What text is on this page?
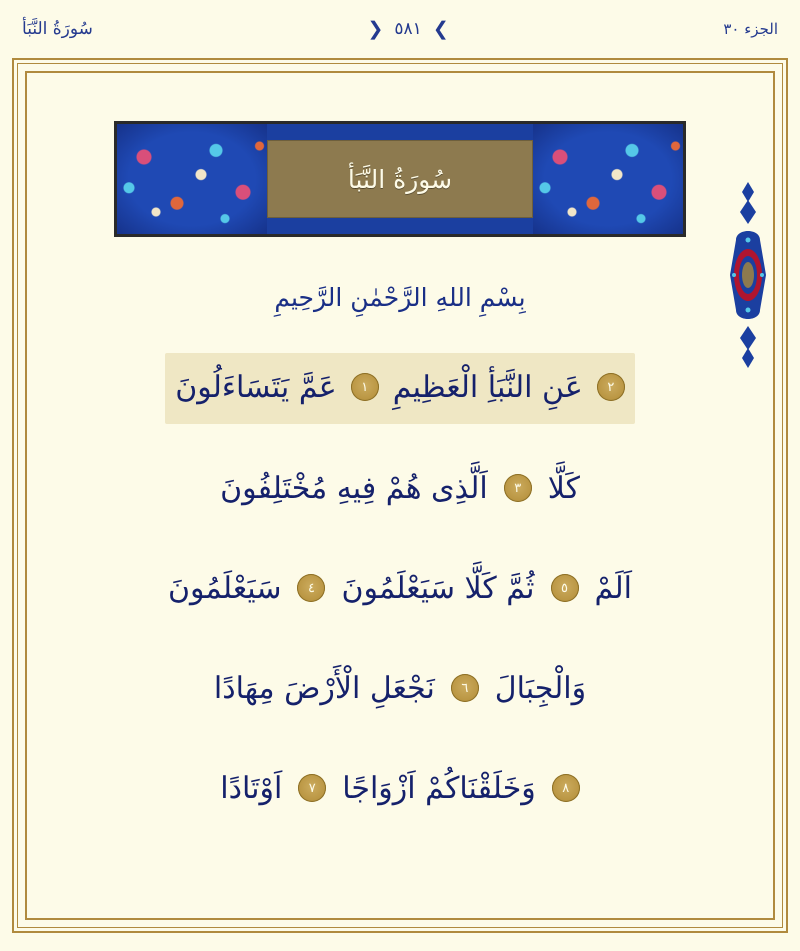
الجزء ٣٠
❯
٥٨١
❮
سُورَةُ النَّبَأ
سُورَةُ النَّبَأ
بِسْمِ اللهِ الرَّحْمٰنِ الرَّحِيمِ
٢
عَنِ النَّبَأِ الْعَظِيمِ
١
عَمَّ يَتَسَاءَلُونَ
كَلَّا
٣
اَلَّذِى هُمْ فِيهِ مُخْتَلِفُونَ
اَلَمْ
٥
ثُمَّ كَلَّا سَيَعْلَمُونَ
٤
سَيَعْلَمُونَ
وَالْجِبَالَ
٦
نَجْعَلِ الْأَرْضَ مِهَادًا
٨
وَخَلَقْنَاكُمْ اَزْوَاجًا
٧
اَوْتَادًا
